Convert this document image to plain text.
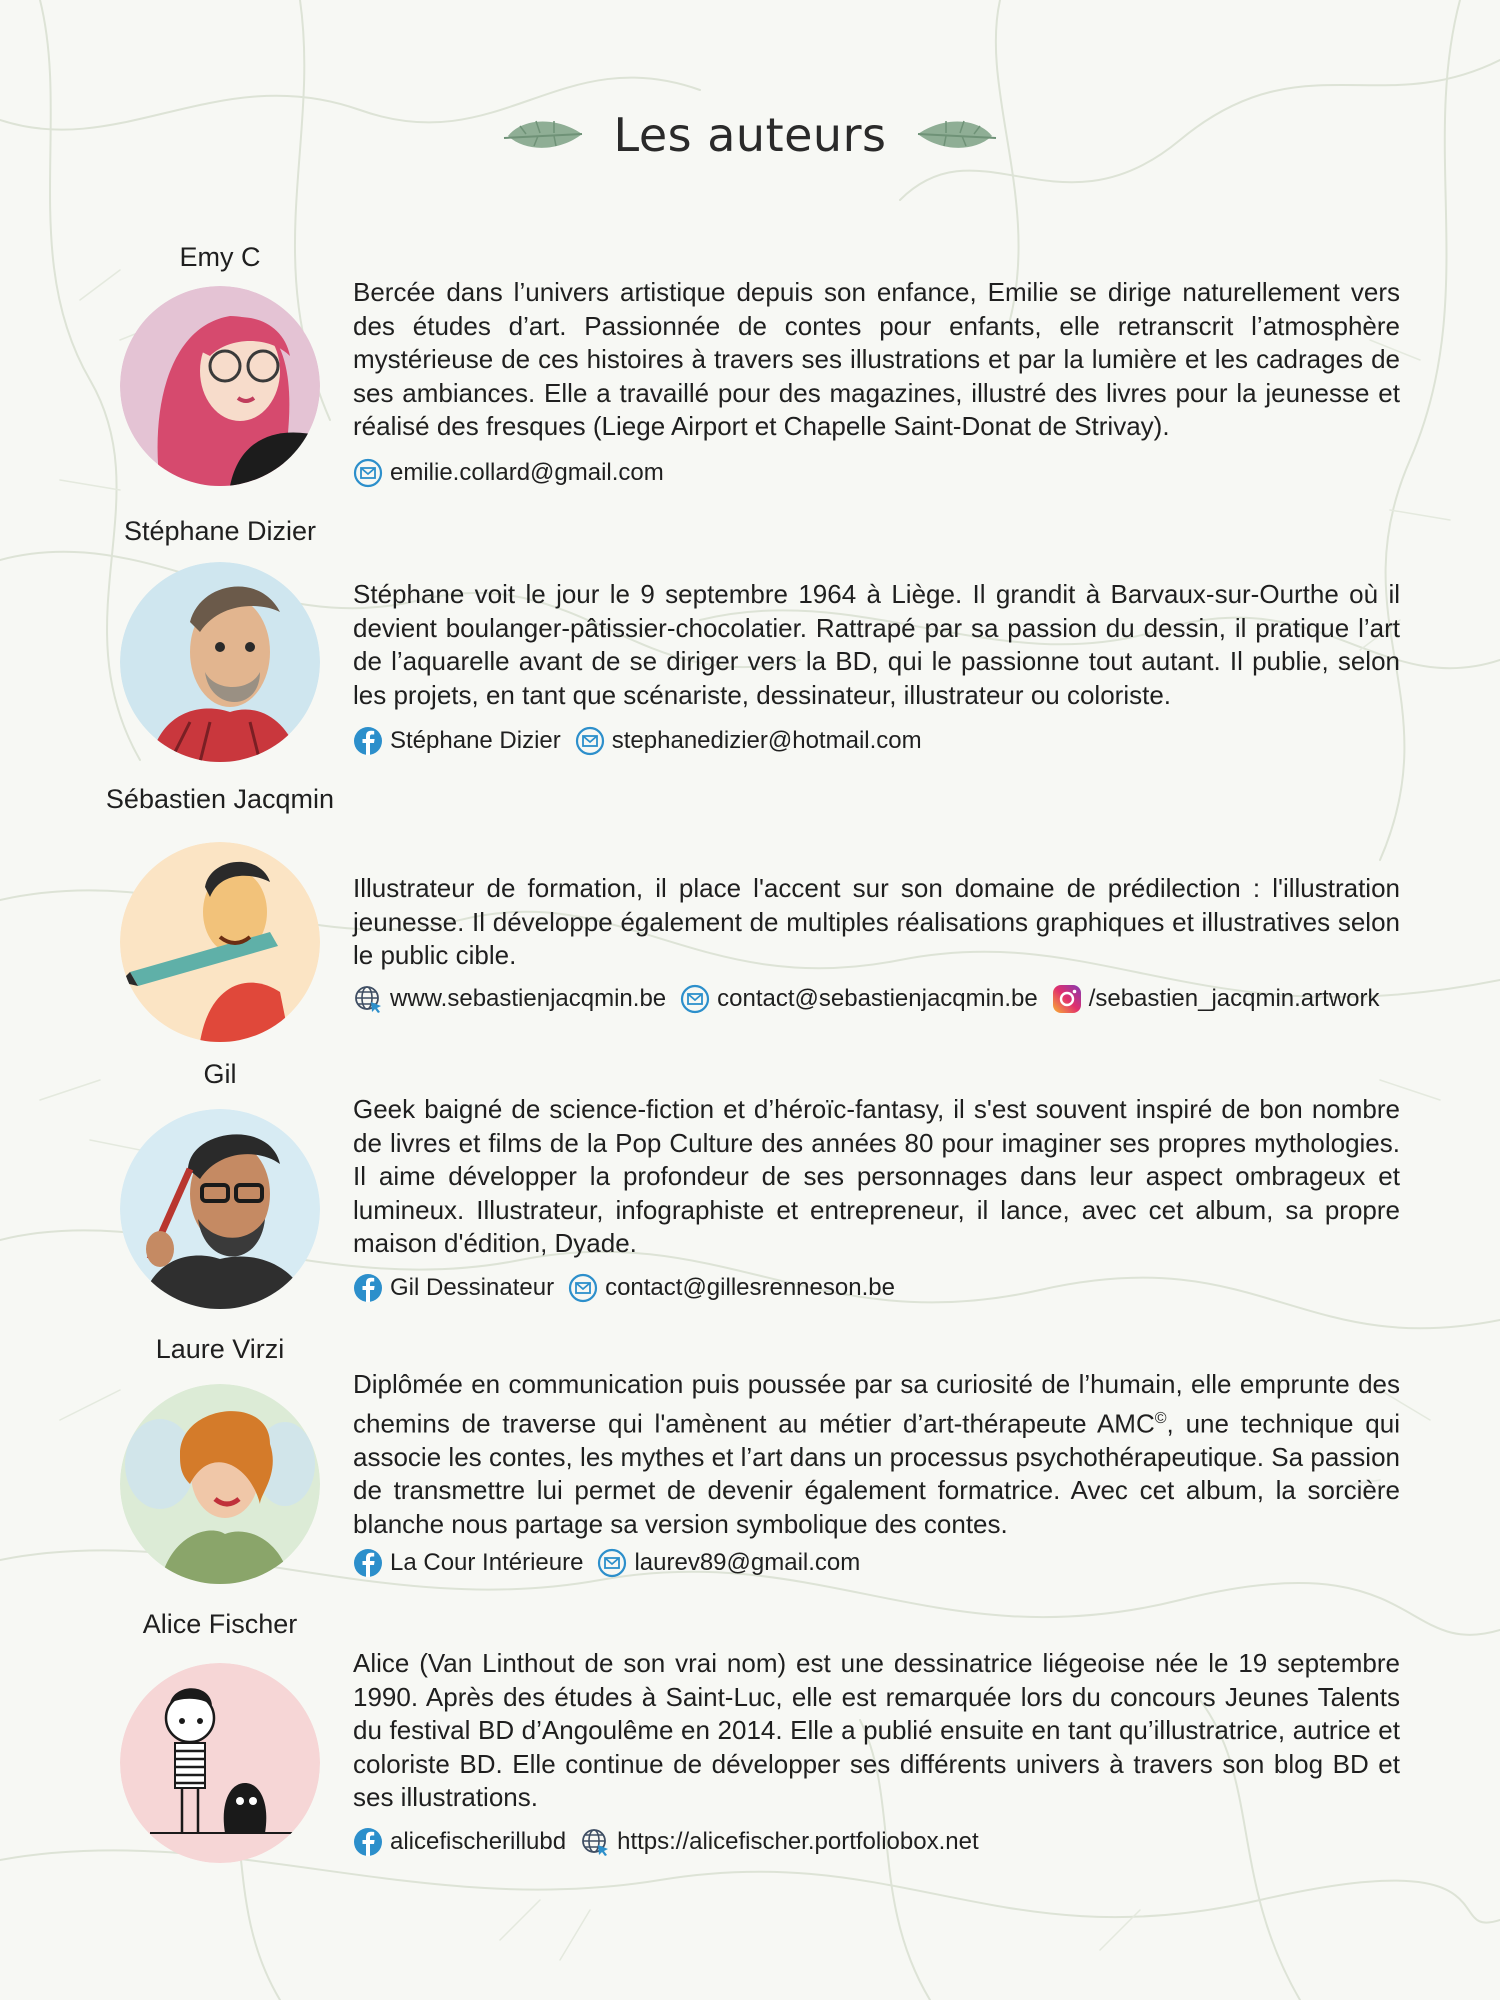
Les auteurs
Emy C
Bercée dans l’univers artistique depuis son enfance, Emilie se dirige naturellement vers des études d’art. Passionnée de contes pour enfants, elle retranscrit l’atmosphère mystérieuse de ces histoires à travers ses illustrations et par la lumière et les cadrages de ses ambiances. Elle a travaillé pour des magazines, illustré des livres pour la jeunesse et réalisé des fresques (Liege Airport et Chapelle Saint-Donat de Strivay).
emilie.collard@gmail.com
Stéphane Dizier
Stéphane voit le jour le 9 septembre 1964 à Liège. Il grandit à Barvaux-sur-Ourthe où il devient boulanger-pâtissier-chocolatier. Rattrapé par sa passion du dessin, il pratique l’art de l’aquarelle avant de se diriger vers la BD, qui le passionne tout autant. Il publie, selon les projets, en tant que scénariste, dessinateur, illustrateur ou coloriste.
Stéphane Dizier stephanedizier@hotmail.com
Sébastien Jacqmin
Illustrateur de formation, il place l'accent sur son domaine de prédilection : l'illustration jeunesse. Il développe également de multiples réalisations graphiques et illustratives selon le public cible.
www.sebastienjacqmin.be contact@sebastienjacqmin.be /sebastien_jacqmin.artwork
Gil
Geek baigné de science-fiction et d’héroïc-fantasy, il s'est souvent inspiré de bon nombre de livres et films de la Pop Culture des années 80 pour imaginer ses propres mythologies. Il aime développer la profondeur de ses personnages dans leur aspect ombrageux et lumineux. Illustrateur, infographiste et entrepreneur, il lance, avec cet album, sa propre maison d'édition, Dyade.
Gil Dessinateur contact@gillesrenneson.be
Laure Virzi
Diplômée en communication puis poussée par sa curiosité de l’humain, elle emprunte des chemins de traverse qui l'amènent au métier d’art-thérapeute AMC©, une technique qui associe les contes, les mythes et l’art dans un processus psychothérapeutique. Sa passion de transmettre lui permet de devenir également formatrice. Avec cet album, la sorcière blanche nous partage sa version symbolique des contes.
La Cour Intérieure laurev89@gmail.com
Alice Fischer
Alice (Van Linthout de son vrai nom) est une dessinatrice liégeoise née le 19 septembre 1990. Après des études à Saint-Luc, elle est remarquée lors du concours Jeunes Talents du festival BD d’Angoulême en 2014. Elle a publié ensuite en tant qu’illustratrice, autrice et coloriste BD. Elle continue de développer ses différents univers à travers son blog BD et ses illustrations.
alicefischerillubd https://alicefischer.portfoliobox.net
